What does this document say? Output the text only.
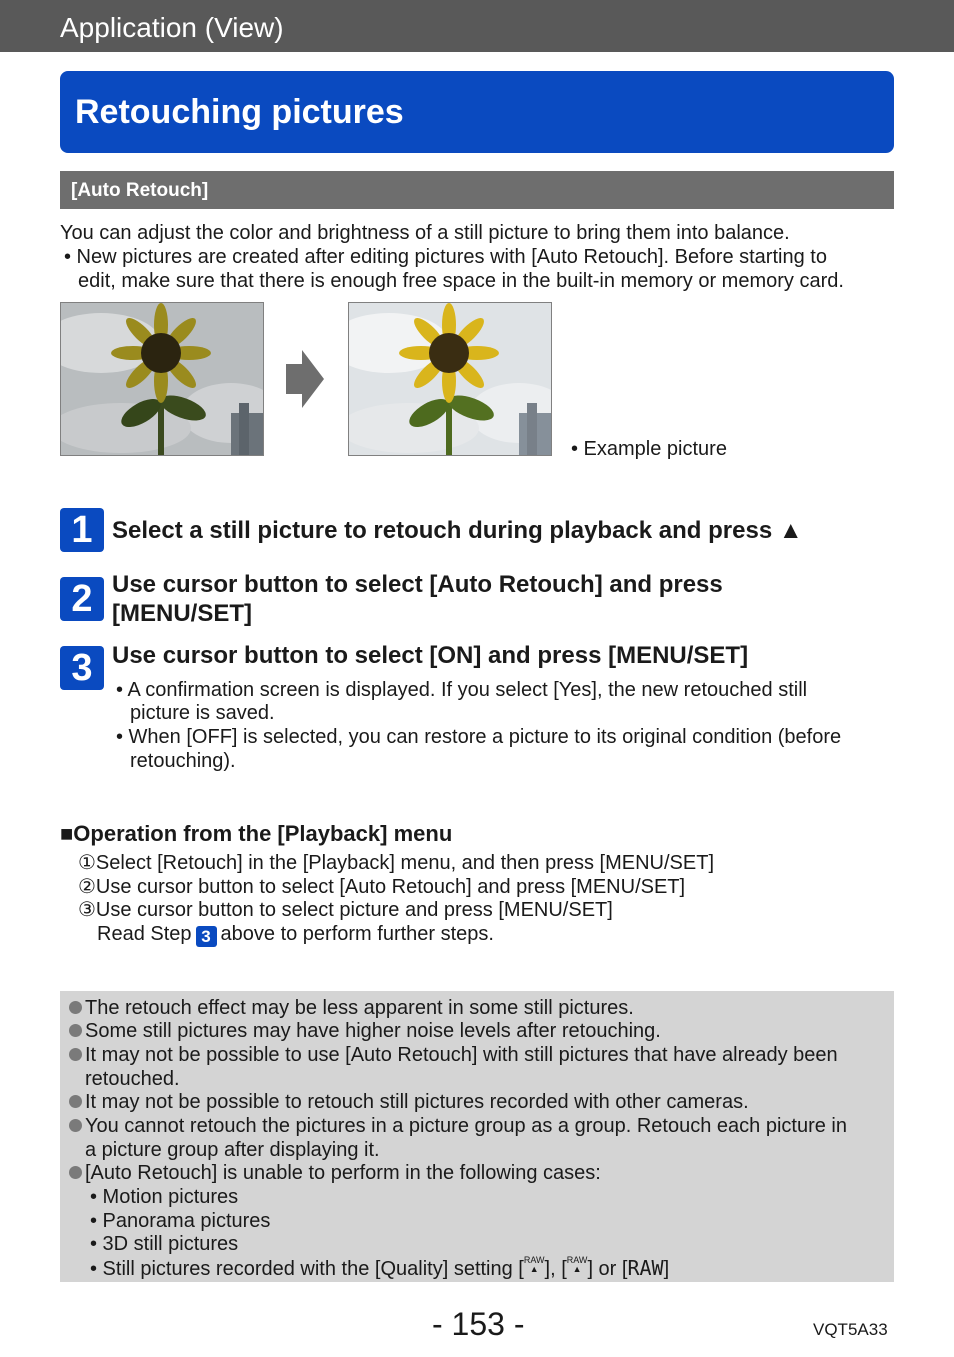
Application (View)
Retouching pictures
[Auto Retouch]
You can adjust the color and brightness of a still picture to bring them into balance.
• New pictures are created after editing pictures with [Auto Retouch]. Before starting to
edit, make sure that there is enough free space in the built-in memory or memory card.
• Example picture
1 Select a still picture to retouch during playback and press ▲
2 Use cursor button to select [Auto Retouch] and press
[MENU/SET]
3 Use cursor button to select [ON] and press [MENU/SET]
• A confirmation screen is displayed. If you select [Yes], the new retouched still
picture is saved.
• When [OFF] is selected, you can restore a picture to its original condition (before
retouching).
■Operation from the [Playback] menu
①Select [Retouch] in the [Playback] menu, and then press [MENU/SET]
②Use cursor button to select [Auto Retouch] and press [MENU/SET]
③Use cursor button to select picture and press [MENU/SET]
Read Step 3 above to perform further steps.
The retouch effect may be less apparent in some still pictures.
Some still pictures may have higher noise levels after retouching.
It may not be possible to use [Auto Retouch] with still pictures that have already been
retouched.
It may not be possible to retouch still pictures recorded with other cameras.
You cannot retouch the pictures in a picture group as a group. Retouch each picture in
a picture group after displaying it.
[Auto Retouch] is unable to perform in the following cases:
• Motion pictures
• Panorama pictures
• 3D still pictures
• Still pictures recorded with the [Quality] setting [RAW
▲ ], [RAW
▲ ] or [RAW]
- 153 -	VQT5A33
